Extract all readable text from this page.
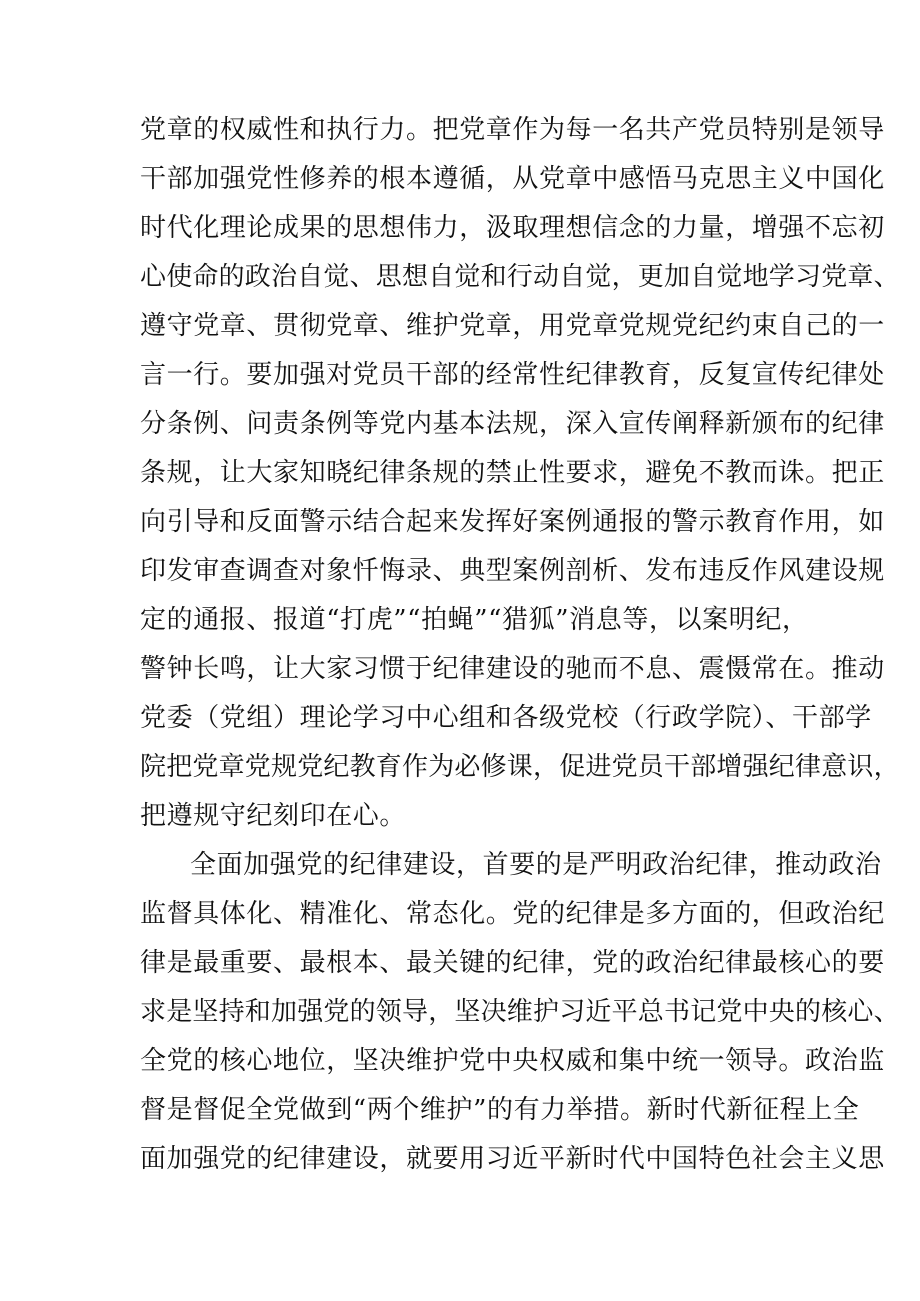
党章的权威性和执行力。把党章作为每一名共产党员特别是领导
干部加强党性修养的根本遵循，从党章中感悟马克思主义中国化
时代化理论成果的思想伟力，汲取理想信念的力量，增强不忘初
心使命的政治自觉、思想自觉和行动自觉，更加自觉地学习党章、
遵守党章、贯彻党章、维护党章，用党章党规党纪约束自己的一
言一行。要加强对党员干部的经常性纪律教育，反复宣传纪律处
分条例、问责条例等党内基本法规，深入宣传阐释新颁布的纪律
条规，让大家知晓纪律条规的禁止性要求，避免不教而诛。把正
向引导和反面警示结合起来发挥好案例通报的警示教育作用，如
印发审查调查对象忏悔录、典型案例剖析、发布违反作风建设规
定的通报、报道“打虎”“拍蝇”“猎狐”消息等，以案明纪，
警钟长鸣，让大家习惯于纪律建设的驰而不息、震慑常在。推动
党委（党组）理论学习中心组和各级党校（行政学院）、干部学
院把党章党规党纪教育作为必修课，促进党员干部增强纪律意识，
把遵规守纪刻印在心。
全面加强党的纪律建设，首要的是严明政治纪律，推动政治
监督具体化、精准化、常态化。党的纪律是多方面的，但政治纪
律是最重要、最根本、最关键的纪律，党的政治纪律最核心的要
求是坚持和加强党的领导，坚决维护习近平总书记党中央的核心、
全党的核心地位，坚决维护党中央权威和集中统一领导。政治监
督是督促全党做到“两个维护”的有力举措。新时代新征程上全
面加强党的纪律建设，就要用习近平新时代中国特色社会主义思
